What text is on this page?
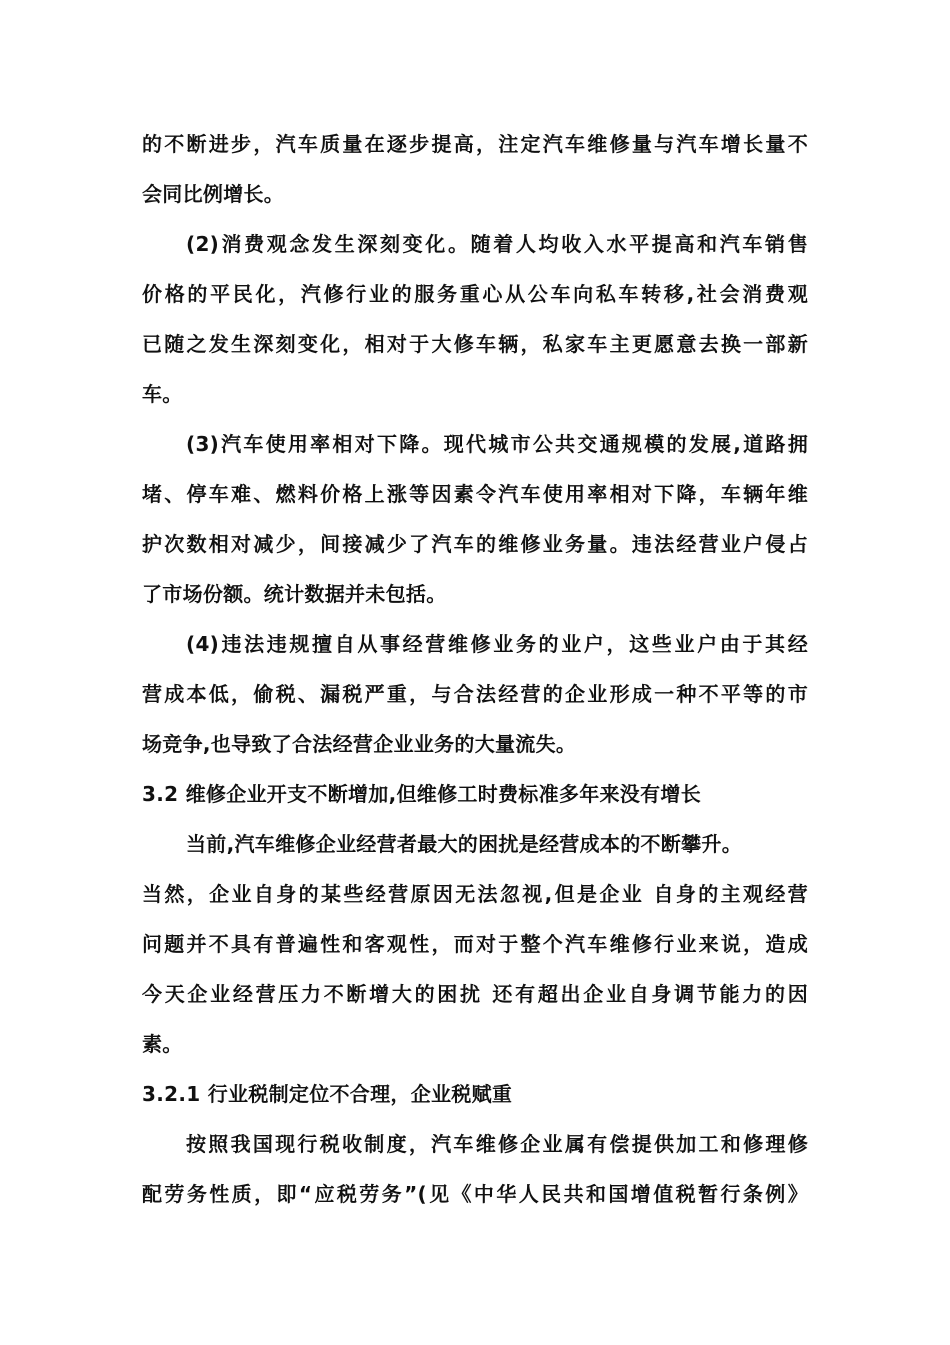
的不断进步，汽车质量在逐步提高，注定汽车维修量与汽车增长量不
会同比例增长。
(2)消费观念发生深刻变化。随着人均收入水平提高和汽车销售
价格的平民化，汽修行业的服务重心从公车向私车转移,社会消费观
已随之发生深刻变化，相对于大修车辆，私家车主更愿意去换一部新
车。
(3)汽车使用率相对下降。现代城市公共交通规模的发展,道路拥
堵、停车难、燃料价格上涨等因素令汽车使用率相对下降，车辆年维
护次数相对减少，间接减少了汽车的维修业务量。违法经营业户侵占
了市场份额。统计数据并未包括。
(4)违法违规擅自从事经营维修业务的业户，这些业户由于其经
营成本低，偷税、漏税严重，与合法经营的企业形成一种不平等的市
场竞争,也导致了合法经营企业业务的大量流失。
3.2 维修企业开支不断增加,但维修工时费标准多年来没有增长
当前,汽车维修企业经营者最大的困扰是经营成本的不断攀升。
当然，企业自身的某些经营原因无法忽视,但是企业 自身的主观经营
问题并不具有普遍性和客观性，而对于整个汽车维修行业来说，造成
今天企业经营压力不断增大的困扰 还有超出企业自身调节能力的因
素。
3.2.1 行业税制定位不合理，企业税赋重
按照我国现行税收制度，汽车维修企业属有偿提供加工和修理修
配劳务性质，即“应税劳务”(见《中华人民共和国增值税暂行条例》
